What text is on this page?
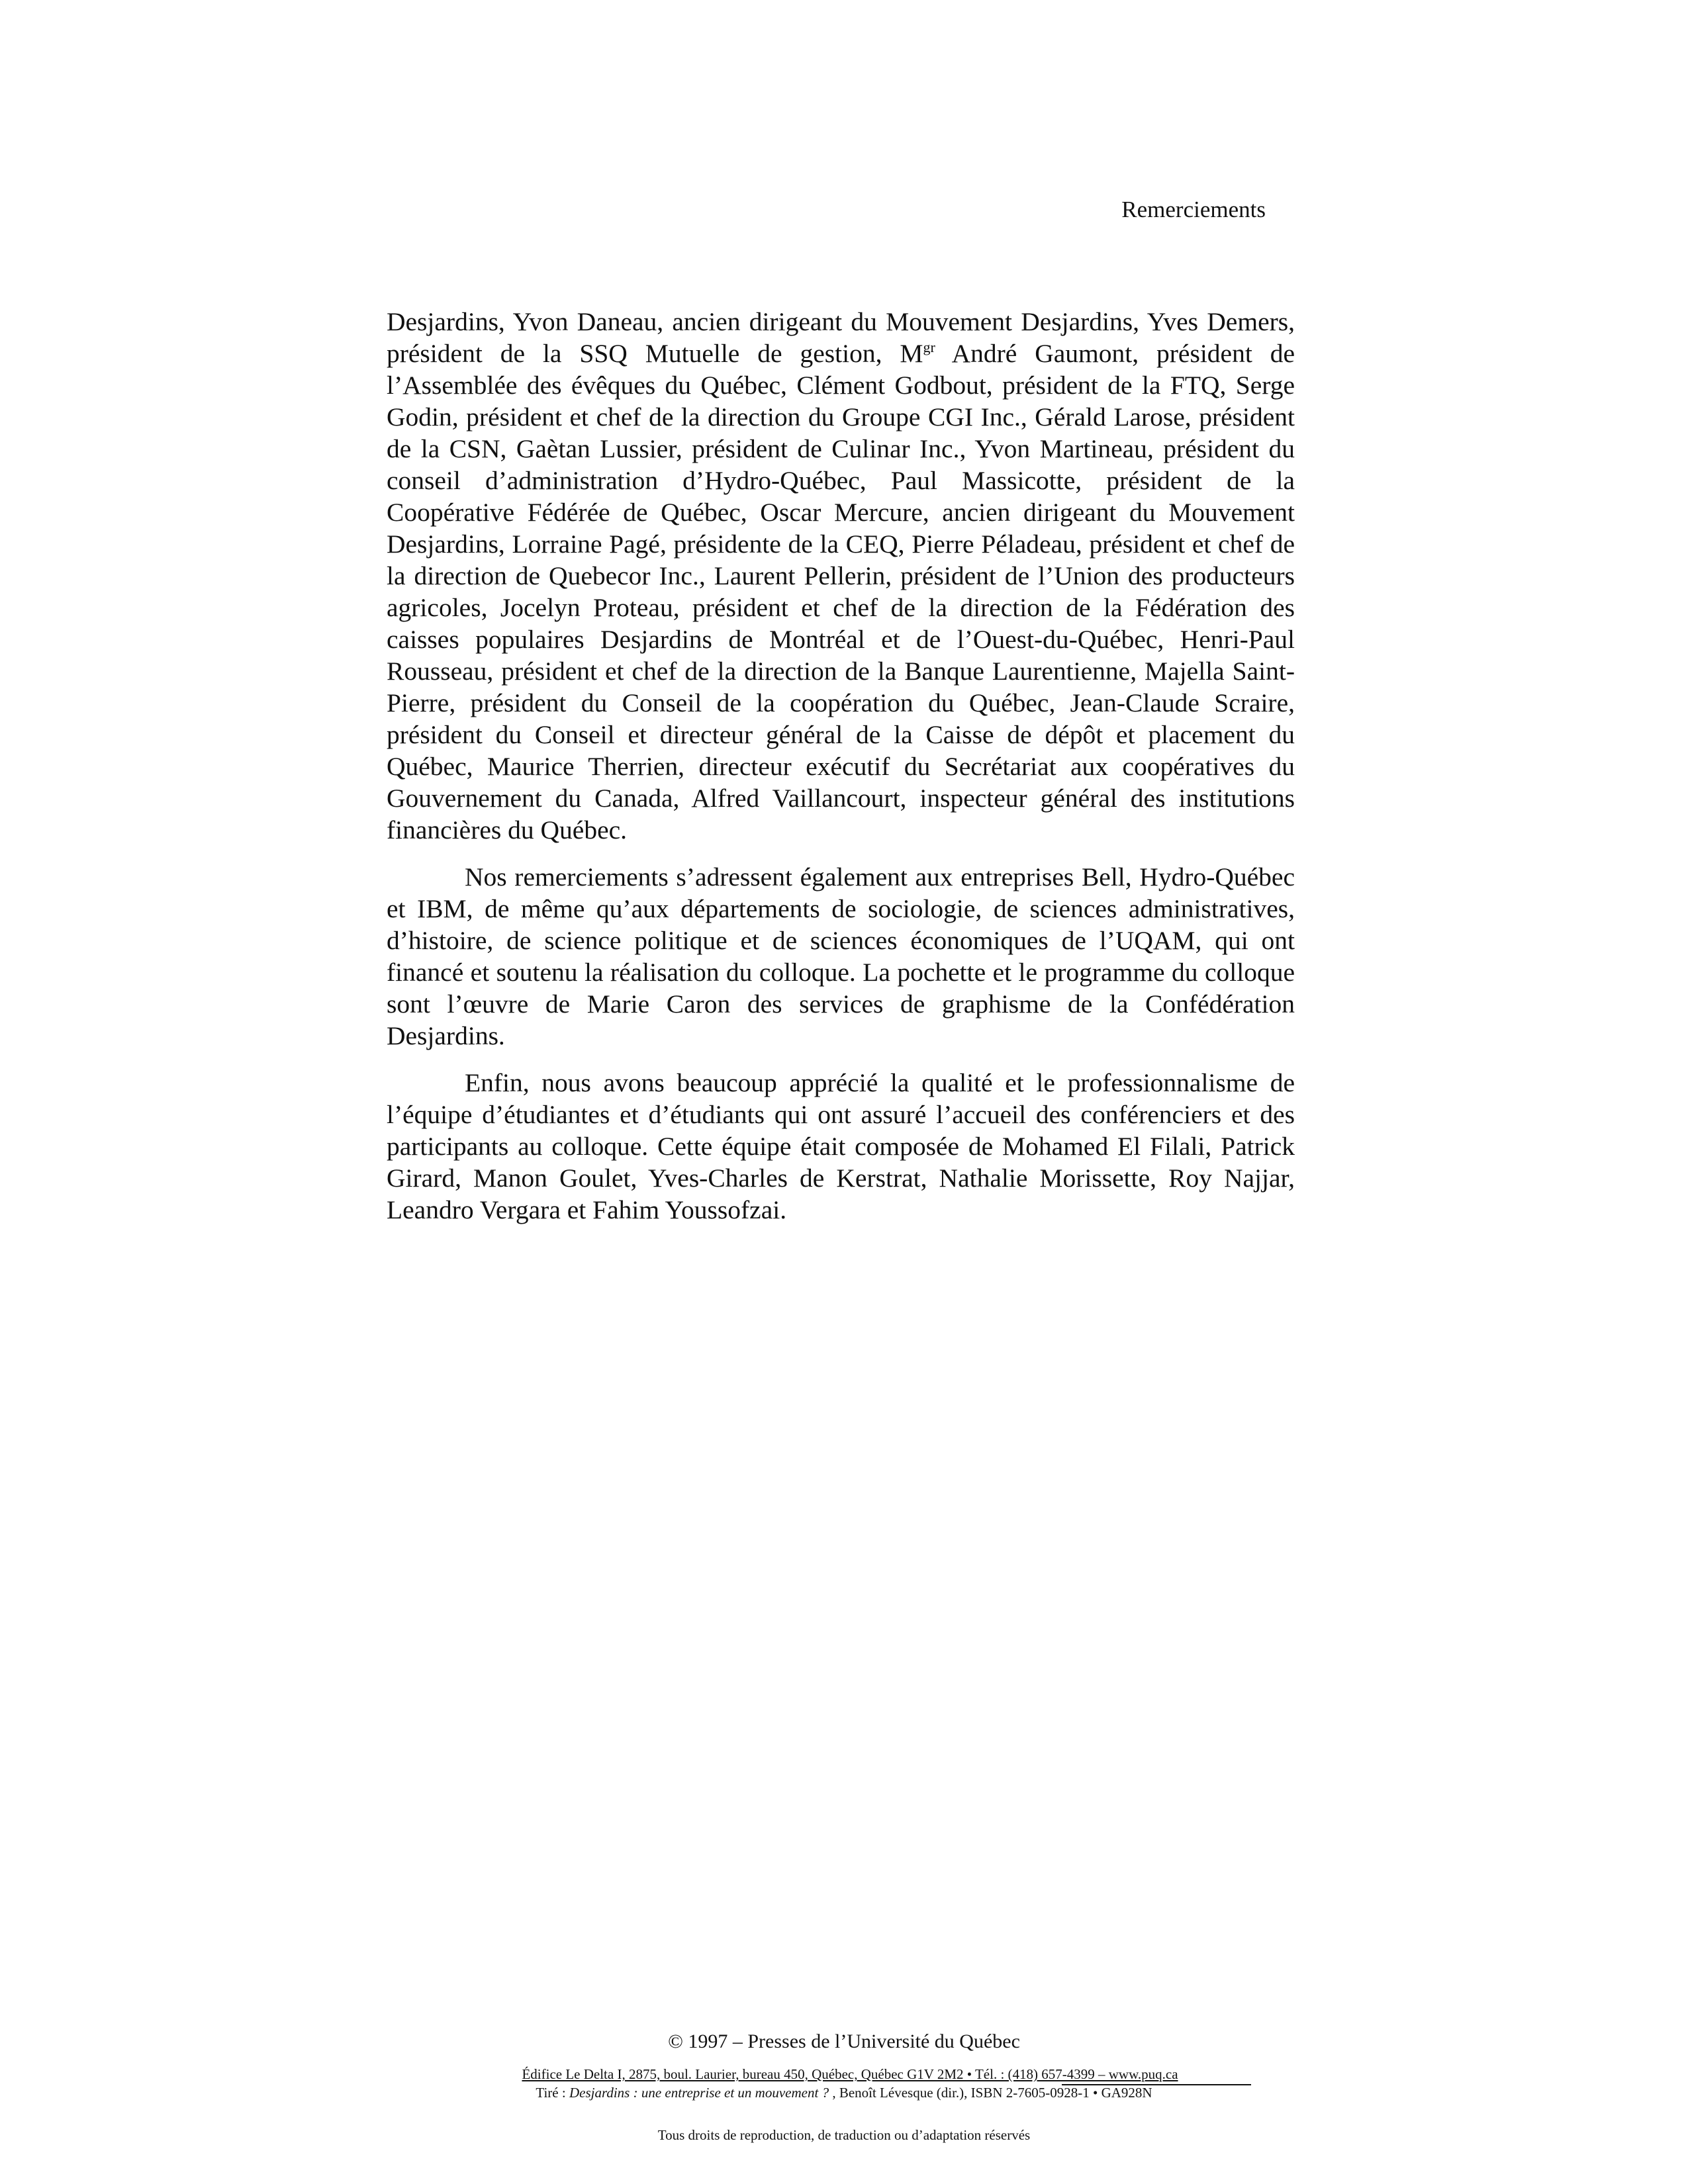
Remerciements

Desjardins, Yvon Daneau, ancien dirigeant du Mouvement Desjardins, Yves Demers, président de la SSQ Mutuelle de gestion, $M^{gr}$ André Gaumont, président de l’Assemblée des évêques du Québec, Clément Godbout, président de la FTQ, Serge Godin, président et chef de la direction du Groupe CGI Inc., Gérald Larose, président de la CSN, Gaètan Lussier, président de Culinar Inc., Yvon Martineau, président du conseil d’administration d’Hydro-Québec, Paul Massicotte, président de la Coopérative Fédérée de Québec, Oscar Mercure, ancien dirigeant du Mouvement Desjardins, Lorraine Pagé, présidente de la CEQ, Pierre Péladeau, président et chef de la direction de Quebecor Inc., Laurent Pellerin, président de l’Union des producteurs agricoles, Jocelyn Proteau, président et chef de la direction de la Fédération des caisses populaires Desjardins de Montréal et de l’Ouest-du-Québec, Henri-Paul Rousseau, président et chef de la direction de la Banque Laurentienne, Majella Saint-Pierre, président du Conseil de la coopération du Québec, Jean-Claude Scraire, président du Conseil et directeur général de la Caisse de dépôt et placement du Québec, Maurice Therrien, directeur exécutif du Secrétariat aux coopératives du Gouvernement du Canada, Alfred Vaillancourt, inspecteur général des institutions financières du Québec.

Nos remerciements s’adressent également aux entreprises Bell, Hydro-Québec et IBM, de même qu’aux départements de sociologie, de sciences administratives, d’histoire, de science politique et de sciences économiques de l’UQAM, qui ont financé et soutenu la réalisation du colloque. La pochette et le programme du colloque sont l’œuvre de Marie Caron des services de graphisme de la Confédération Desjardins.

Enfin, nous avons beaucoup apprécié la qualité et le professionnalisme de l’équipe d’étudiantes et d’étudiants qui ont assuré l’accueil des conférenciers et des participants au colloque. Cette équipe était composée de Mohamed El Filali, Patrick Girard, Manon Goulet, Yves-Charles de Kerstrat, Nathalie Morissette, Roy Najjar, Leandro Vergara et Fahim Youssofzai.

© 1997 – Presses de l’Université du Québec
Édifice Le Delta I, 2875, boul. Laurier, bureau 450, Québec, Québec G1V 2M2 • Tél. : (418) 657-4399 – www.puq.ca
Tiré : Desjardins : une entreprise et un mouvement ? , Benoît Lévesque (dir.), ISBN 2-7605-0928-1 • GA928N
Tous droits de reproduction, de traduction ou d’adaptation réservés
